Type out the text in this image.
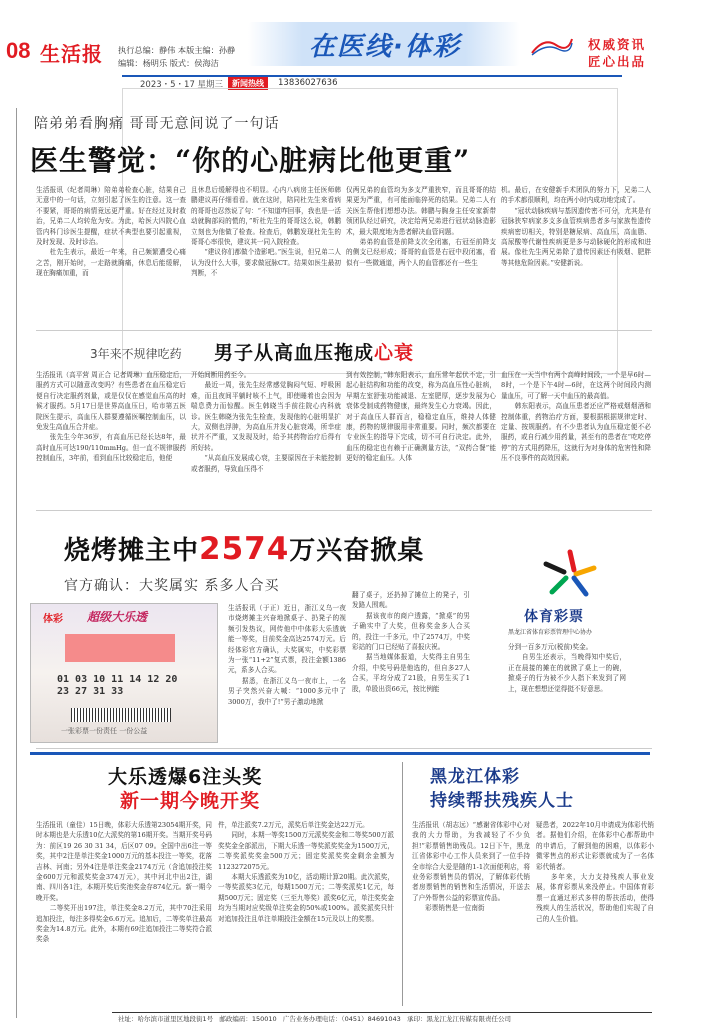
08 生活报 执行总编：静伟 本版主编：孙静
编辑：杨明乐 版式：侯海洁
在医线·体彩	权威资讯
匠心出品
2023・5・17 星期三	新闻热线	13836027636
陪弟弟看胸痛 哥哥无意间说了一句话
医生警觉：“你的心脏病比他更重”
生活报讯（纪者周琳）陪弟弟检查心脏，结果自己无意中的一句话，立刻引起了医生的注意。这一查不要紧，哥哥的病情竟远更严重。好在经过及时救治，兄弟二人均转危为安。为此，哈医大四院心血管内科门诊医生提醒，症状不典型也要引起重视，及时发现、及时诊治。
　　杜先生表示，最近一年来，自己频繁遭受心痛之苦，刚开始时，一走路就胸痛，休息后能缓解，现在胸痛加重，而
且休息后缓解得也不明显。心内八病房主任医师韩鹏建议再仔细看看。就在这时，陪同杜先生来看病的哥哥也忍然说了句：“不知道咋回事，我也是一活动就胸部闷的慌的，”听杜先生的哥哥这么说，韩鹏立刻也为他做了检查。检查后，韩鹏发现杜先生的哥哥心率很快，建议其一同入院检查。
　　“建议你们都做个造影吧。”医生说，但兄弟二人认为没什么大事，要求做冠脉CT。结果如医生最初判断，不
仅两兄弟的血管均为多支严重狭窄，而且哥哥的结果更为严重，有可能面临猝死的结果。兄弟二人有关医生帮他们想想办法。韩鹏与胸身主任安家新带领团队经过研究，决定给两兄弟进行冠状动脉造影术，最大限度地为患者解决血管问题。
　　弟弟的血管是前降支次全闭塞，右冠至前降支的侧支已经形成；哥哥的血管是右冠中段闭塞，看似有一些微通道，两个人的血管都还有一些生
机。最后，在安健新手术团队的努力下，兄弟二人的手术都很顺利，均在两小时内成功地完成了。
　　“冠状动脉疾病与基因遗传密不可分，尤其是有冠脉狭窄病家多支多血管疾病患者多与家族性遗传疾病密切相关，特别是糖尿病、高血压、高血脂、高尿酸等代谢性疾病更是多与动脉硬化的形成和进展。像杜先生两兄弟除了遗传因素还有吸烟、肥胖等其他危险因素。”安健新说。
3年来不规律吃药 男子从高血压拖成心衰
生活报讯（高平营 周正合 记者周琳）血压稳定后，服药方式可以随意改变吗？有些患者在血压稳定后便自行决定服药剂量，或是仅仅在感觉血压高的时候才服药。5月17日是世界高血压日，哈市第五医院医生提示，高血压人群要遵循医嘱控制血压，以免发生高血压合并症。
　　张先生今年36岁，有高血压已经长达8年，最高时血压可达190/110mmHg。但一直不规律服药控制血压，3年前，看到血压比较稳定后，他便
开始间断用药至今。
　　最近一周，张先生经常感觉胸闷气短、呼吸困难，而且夜间平躺时咳不上气，即使睡着也会因为喘息费力而惊醒。医生韩晓当手前往院心内科就诊。医生韩晓为张先生检查，发现他的心脏明显扩大，双侧也浮肿，为高血压并发心脏衰竭，所幸症状并不严重，又发现及时，给予其药物治疗后得有所好转。
　　“从高血压发展成心衰，主要原因在于未能控制或者服药，导致血压得不
到有效控制，”韩东阳表示，血压常年起伏不定，引起心脏结构和功能的改变，称为高血压性心脏病，早期左室舒张功能减退、左室肥厚，逐步发展为心衰体受制成药物健康，最终发生心力衰竭。因此，对于高血压人群而言，稳稳定血压，维持人体健康，药物的规律服用非常重要。同时，频次都要在专业医生的指导下完成，切不可自行决定。此外，血压的稳定也有赖于正确测量方法，“双药合餐”能更好的稳定血压。人体
血压在一天当中有两个高峰时间段，一个是早6时—8时，一个是下午4时—6时，在这两个时间段内测量血压，可了解一天中血压的最高值。
　　韩东阳表示，高血压患者还应严格戒烟烟酒和控制体重，药物治疗方面，要根据根据规律定时、定量、按规服药。有不少患者认为血压稳定便不必服药，或自行减少用药量，甚至有的患者在“吃吃停停”的方式用药降压，这就行为对身体的危害性和降压不良事件的高效因素。
烧烤摊主中2574万兴奋掀桌
官方确认：大奖属实 系多人合买
体彩 超级大乐透
01 03 10 11 14 12 20
23 27 31 33
一张彩票一份责任 一份公益
生活报讯（于正）近日，浙江义乌一夜市烧烤摊主兴奋地掀桌子、扔凳子的视频引发热议，网传他中中体彩大乐透就能一等奖，目前奖金高达2574万元。后经体彩官方确认，大奖属实，中奖彩票为一张“11+2”复式票，投注金额1386元，系多人合买。
　　据悉，在浙江义乌一夜市上，一名男子突然兴奋大喊：“1000多元中了3000万，我中了!”男子激动地掀
翻了桌子，还扔掉了摊位上的凳子，引发路人围观。
　　据该夜市的商户透露，“掀桌”的男子确实中了大奖，但称奖金多人合买的，投注一千多元，中了2574万，中奖彩站的门口已经贴了喜报庆祝。
　　据当地媒体报道，大奖得主自男生介绍，中奖号码是他选的，但自多27人合买，平均分成了21股，自男生买了1股，单股出资66元，按比例能
体育彩票
黑龙江省体育彩票管理中心协办
分到一百多万元(税前)奖金。
　　自男生还表示，当晚得知中奖后，正在晨接的摊在的就掀了桌上一的碗，掀桌子的行为被不少人指下来发到了网上，现在想想还觉得挺不好意思。
大乐透爆6注头奖
新一期今晚开奖
生活报讯（童佳）15日晚，体彩大乐透第23054期开奖，同时本期也是大乐透10亿大派奖的第16期开奖。当期开奖号码为：前区19 26 30 31 34，后区07 09。全国中出6注一等奖，其中2注是单注奖金1000万元的基本投注一等奖，花落吉林、河南；另外4注是单注奖金2174万元（含追加投注奖金600万元和派奖奖金374万元），其中河北中出2注，湖南、四川各1注，本期开奖后奖池奖金存874亿元。新一期今晚开奖。
　　二等奖开出197注，单注奖金8.2万元，其中70注采用追加投注，每注多得奖金6.6万元。追加后，二等奖单注最高奖金为14.8万元。此外，本期有69注追加投注二等奖符合派奖条
件，单注派奖7.2万元，派奖后单注奖金达22万元。
　　同时，本期一等奖1500万元派奖奖金和二等奖500万派奖奖金全部派出，下期大乐透一等奖派奖奖金为1500万元，二等奖派奖奖金500万元；固定奖派奖奖金剩余金额为1123272075元。
　　本期大乐透派奖为10亿，活动期计算20期。此次派奖，一等奖派奖3亿元，每期1500万元；二等奖派奖1亿元，每期500万元；固定奖（三至九等奖）派奖6亿元，单注奖奖金均为当期对应奖级单注奖金的50%或100%。派奖派奖只针对追加投注且单注单期投注金额在15元及以上的奖票。
黑龙江体彩
持续帮扶残疾人士
生活报讯（胡志远）“感谢省体彩中心对我的大力帮助，为我减轻了不少负担!”彩票销售助残员。12日下午，黑龙江省体彩中心工作人员来到了一位手持全市综合大爱是随的1-1次面便利店，将业务彩票销售员的情况，了解体彩代销者房票销售的销售和生活情况，开送去了户外帮售公益的彩票宣传品。
　　彩票销售是一位南街
疑患者，2022年10月申请成为体彩代销者。据他们介绍，在体彩中心都帮助中的申请后，了解到他的困难，以体彩小微零售点的形式让彩票就成为了一名体彩代销者。
　　多年来，大力支持残疾人事业发展，体育彩票从来没停止。中国体育彩票一直通过形式多样的帮扶活动，使得残疾人的生活状况，帮助他们实现了自己的人生价值。
社址：哈尔滨市道里区地段街1号 邮政编码：150010 广告业务办理电话：（0451）84691043 承印：黑龙江龙江传媒有限责任公司
